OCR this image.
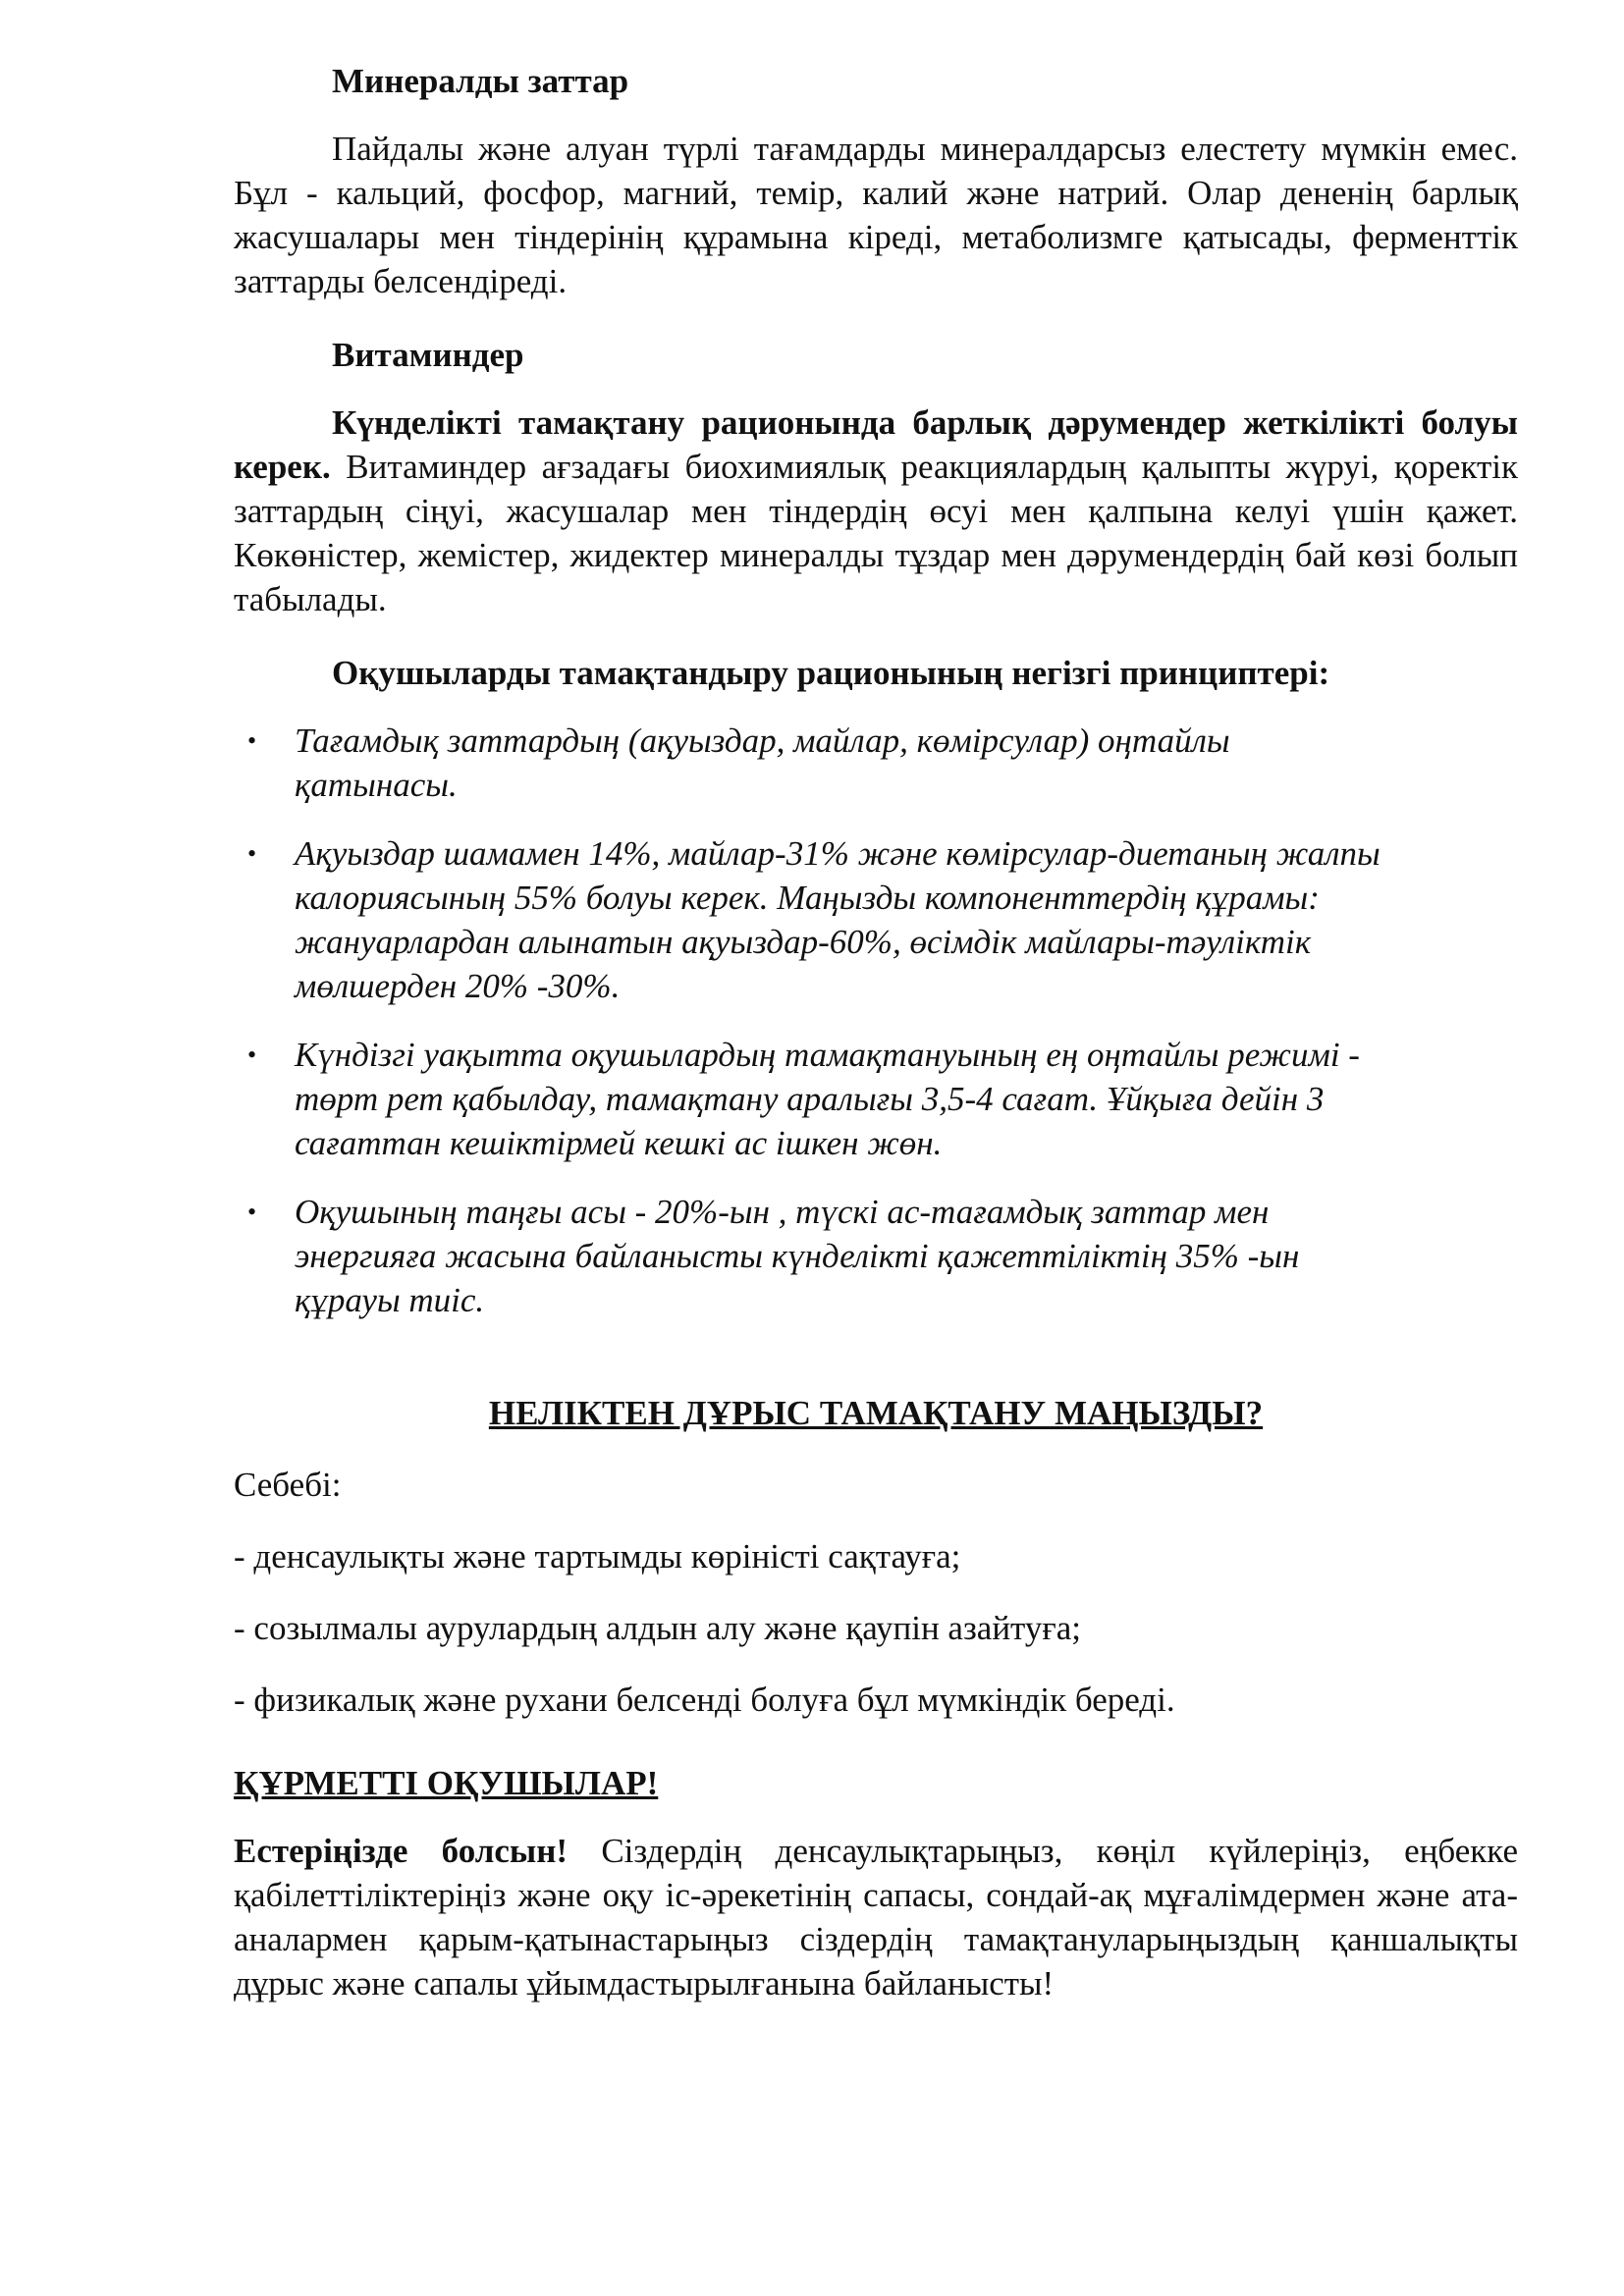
Минералды заттар

Пайдалы және алуан түрлі тағамдарды минералдарсыз елестету мүмкін емес. Бұл - кальций, фосфор, магний, темір, калий және натрий. Олар дененің барлық жасушалары мен тіндерінің құрамына кіреді, метаболизмге қатысады, ферменттік заттарды белсендіреді.

Витаминдер

Күнделікті тамақтану рационында барлық дәрумендер жеткілікті болуы керек. Витаминдер ағзадағы биохимиялық реакциялардың қалыпты жүруі, қоректік заттардың сіңуі, жасушалар мен тіндердің өсуі мен қалпына келуі үшін қажет. Көкөністер, жемістер, жидектер минералды тұздар мен дәрумендердің бай көзі болып табылады.

Оқушыларды тамақтандыру рационының негізгі принциптері:
• Тағамдық заттардың (ақуыздар, майлар, көмірсулар) оңтайлы қатынасы.
• Ақуыздар шамамен 14%, майлар-31% және көмірсулар-диетаның жалпы калориясының 55% болуы керек. Маңызды компоненттердің құрамы: жануарлардан алынатын ақуыздар-60%, өсімдік майлары-тәуліктік мөлшерден 20% -30%.
• Күндізгі уақытта оқушылардың тамақтануының ең оңтайлы режимі - төрт рет қабылдау, тамақтану аралығы 3,5-4 сағат. Ұйқыға дейін 3 сағаттан кешіктірмей кешкі ас ішкен жөн.
• Оқушының таңғы асы - 20%-ын , түскі ас-тағамдық заттар мен энергияға жасына байланысты күнделікті қажеттіліктің 35% -ын құрауы тиіс.
НЕЛІКТЕН ДҰРЫС ТАМАҚТАНУ МАҢЫЗДЫ?

Себебі:

- денсаулықты және тартымды көріністі сақтауға;

- созылмалы аурулардың алдын алу және қаупін азайтуға;

- физикалық және рухани белсенді болуға бұл мүмкіндік береді.

ҚҰРМЕТТІ ОҚУШЫЛАР!

Естеріңізде болсын! Сіздердің денсаулықтарыңыз, көңіл күйлеріңіз, еңбекке қабілеттіліктеріңіз және оқу іс-әрекетінің сапасы, сондай-ақ мұғалімдермен және ата-аналармен қарым-қатынастарыңыз сіздердің тамақтануларыңыздың қаншалықты дұрыс және сапалы ұйымдастырылғанына байланысты!
